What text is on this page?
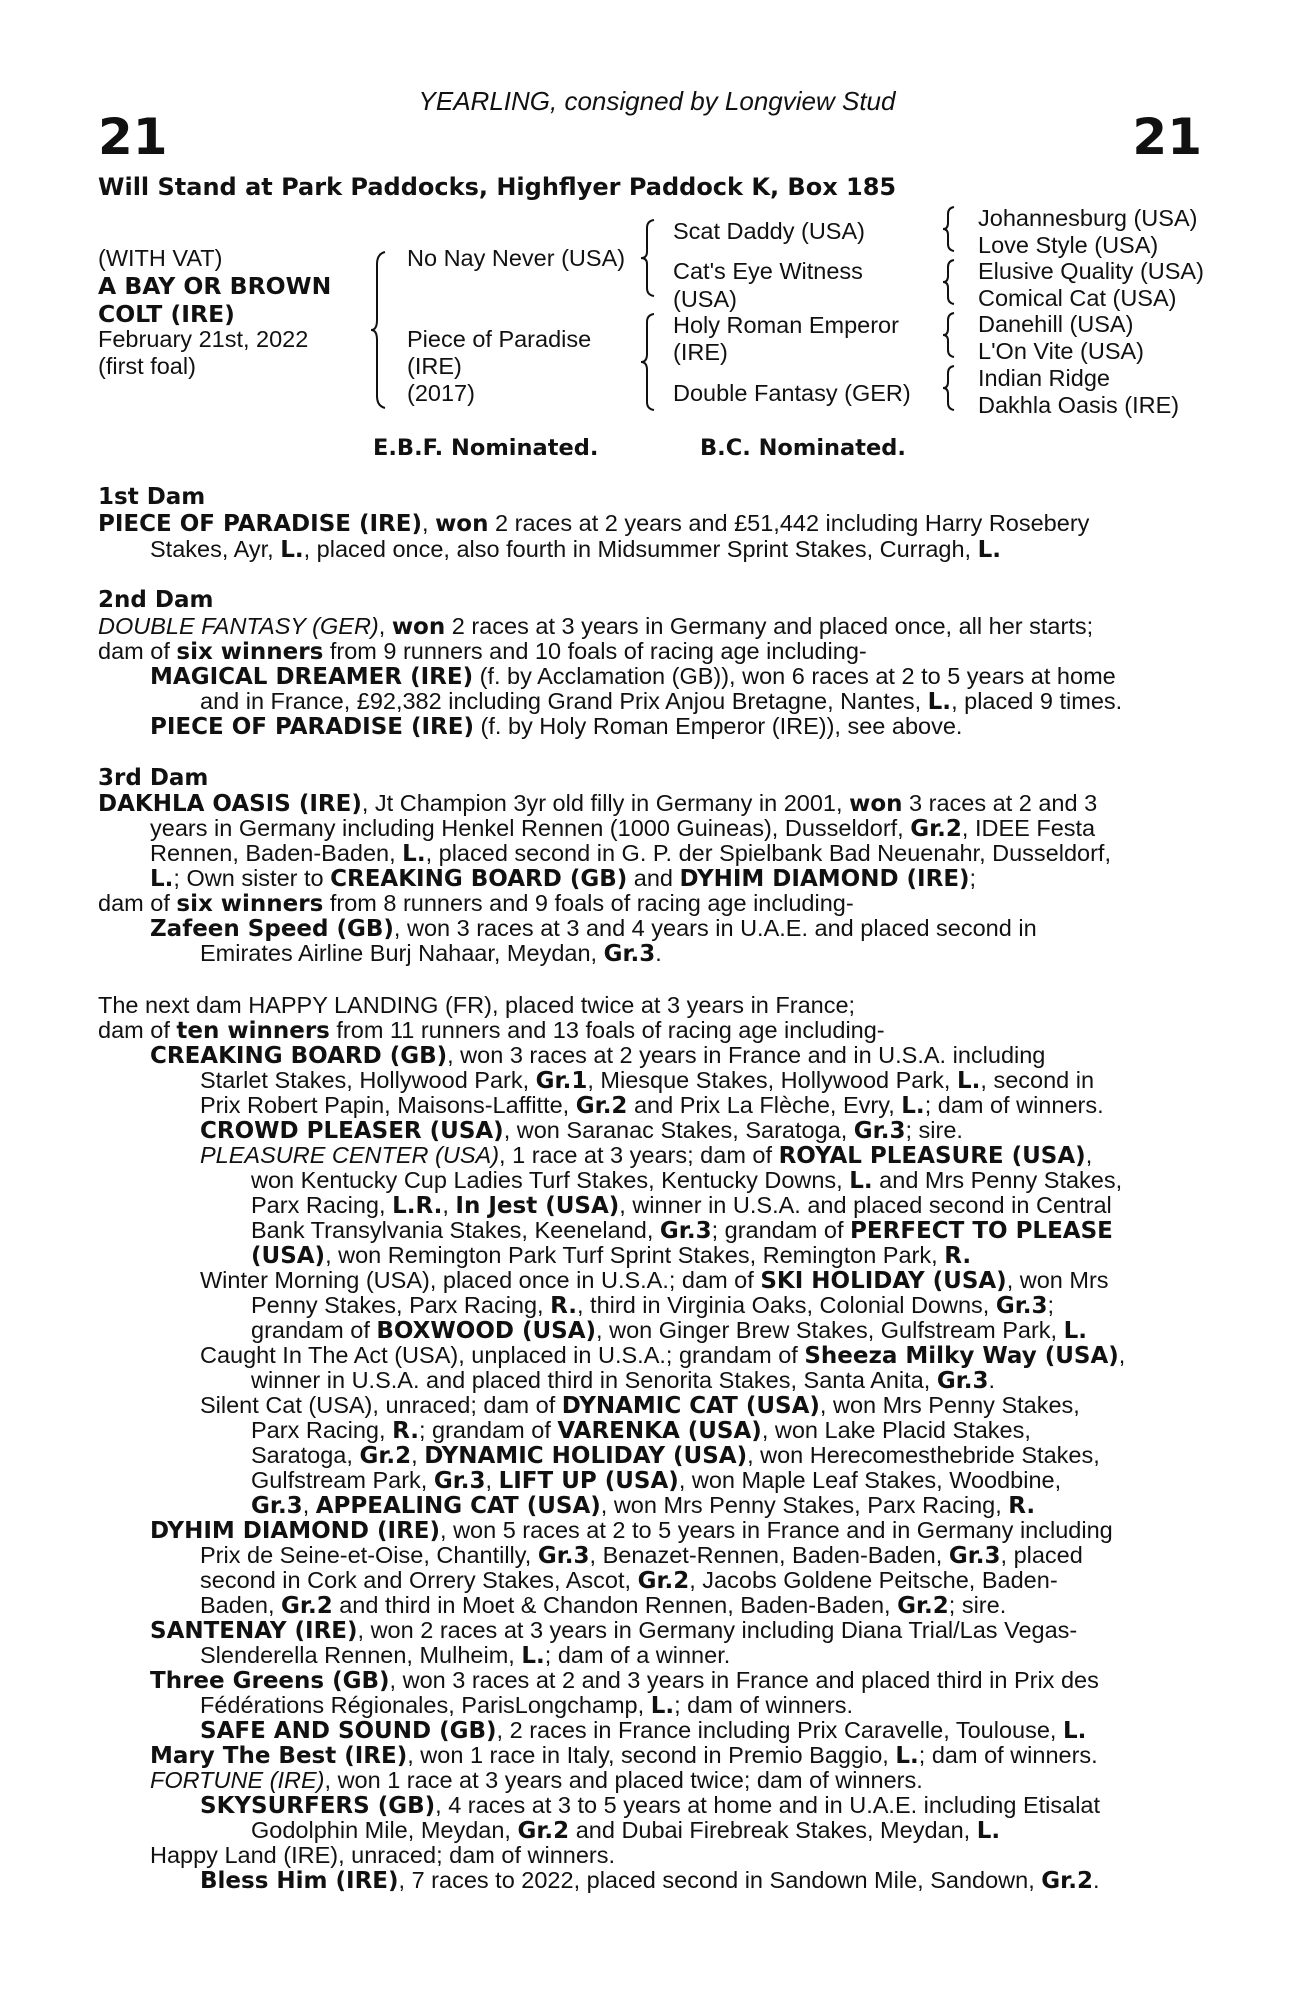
YEARLING, consigned by Longview Stud
21	21
Will Stand at Park Paddocks, Highflyer Paddock K, Box 185
(WITH VAT)
A BAY OR BROWN
COLT (IRE)
February 21st, 2022
(first foal)
No Nay Never (USA)
Piece of Paradise
(IRE)
(2017)
Scat Daddy (USA)
Cat's Eye Witness
(USA)
Holy Roman Emperor
(IRE)
Double Fantasy (GER)
Johannesburg (USA)
Love Style (USA)
Elusive Quality (USA)
Comical Cat (USA)
Danehill (USA)
L'On Vite (USA)
Indian Ridge
Dakhla Oasis (IRE)
E.B.F. Nominated.	B.C. Nominated.
1st Dam
PIECE OF PARADISE (IRE), won 2 races at 2 years and £51,442 including Harry Rosebery
Stakes, Ayr, L., placed once, also fourth in Midsummer Sprint Stakes, Curragh, L.
2nd Dam
DOUBLE FANTASY (GER), won 2 races at 3 years in Germany and placed once, all her starts;
dam of six winners from 9 runners and 10 foals of racing age including-
MAGICAL DREAMER (IRE) (f. by Acclamation (GB)), won 6 races at 2 to 5 years at home
and in France, £92,382 including Grand Prix Anjou Bretagne, Nantes, L., placed 9 times.
PIECE OF PARADISE (IRE) (f. by Holy Roman Emperor (IRE)), see above.
3rd Dam
DAKHLA OASIS (IRE), Jt Champion 3yr old filly in Germany in 2001, won 3 races at 2 and 3
years in Germany including Henkel Rennen (1000 Guineas), Dusseldorf, Gr.2, IDEE Festa
Rennen, Baden-Baden, L., placed second in G. P. der Spielbank Bad Neuenahr, Dusseldorf,
L.; Own sister to CREAKING BOARD (GB) and DYHIM DIAMOND (IRE);
dam of six winners from 8 runners and 9 foals of racing age including-
Zafeen Speed (GB), won 3 races at 3 and 4 years in U.A.E. and placed second in
Emirates Airline Burj Nahaar, Meydan, Gr.3.
The next dam HAPPY LANDING (FR), placed twice at 3 years in France;
dam of ten winners from 11 runners and 13 foals of racing age including-
CREAKING BOARD (GB), won 3 races at 2 years in France and in U.S.A. including
Starlet Stakes, Hollywood Park, Gr.1, Miesque Stakes, Hollywood Park, L., second in
Prix Robert Papin, Maisons-Laffitte, Gr.2 and Prix La Flèche, Evry, L.; dam of winners.
CROWD PLEASER (USA), won Saranac Stakes, Saratoga, Gr.3; sire.
PLEASURE CENTER (USA), 1 race at 3 years; dam of ROYAL PLEASURE (USA),
won Kentucky Cup Ladies Turf Stakes, Kentucky Downs, L. and Mrs Penny Stakes,
Parx Racing, L.R., In Jest (USA), winner in U.S.A. and placed second in Central
Bank Transylvania Stakes, Keeneland, Gr.3; grandam of PERFECT TO PLEASE
(USA), won Remington Park Turf Sprint Stakes, Remington Park, R.
Winter Morning (USA), placed once in U.S.A.; dam of SKI HOLIDAY (USA), won Mrs
Penny Stakes, Parx Racing, R., third in Virginia Oaks, Colonial Downs, Gr.3;
grandam of BOXWOOD (USA), won Ginger Brew Stakes, Gulfstream Park, L.
Caught In The Act (USA), unplaced in U.S.A.; grandam of Sheeza Milky Way (USA),
winner in U.S.A. and placed third in Senorita Stakes, Santa Anita, Gr.3.
Silent Cat (USA), unraced; dam of DYNAMIC CAT (USA), won Mrs Penny Stakes,
Parx Racing, R.; grandam of VARENKA (USA), won Lake Placid Stakes,
Saratoga, Gr.2, DYNAMIC HOLIDAY (USA), won Herecomesthebride Stakes,
Gulfstream Park, Gr.3, LIFT UP (USA), won Maple Leaf Stakes, Woodbine,
Gr.3, APPEALING CAT (USA), won Mrs Penny Stakes, Parx Racing, R.
DYHIM DIAMOND (IRE), won 5 races at 2 to 5 years in France and in Germany including
Prix de Seine-et-Oise, Chantilly, Gr.3, Benazet-Rennen, Baden-Baden, Gr.3, placed
second in Cork and Orrery Stakes, Ascot, Gr.2, Jacobs Goldene Peitsche, Baden-
Baden, Gr.2 and third in Moet & Chandon Rennen, Baden-Baden, Gr.2; sire.
SANTENAY (IRE), won 2 races at 3 years in Germany including Diana Trial/Las Vegas-
Slenderella Rennen, Mulheim, L.; dam of a winner.
Three Greens (GB), won 3 races at 2 and 3 years in France and placed third in Prix des
Fédérations Régionales, ParisLongchamp, L.; dam of winners.
SAFE AND SOUND (GB), 2 races in France including Prix Caravelle, Toulouse, L.
Mary The Best (IRE), won 1 race in Italy, second in Premio Baggio, L.; dam of winners.
FORTUNE (IRE), won 1 race at 3 years and placed twice; dam of winners.
SKYSURFERS (GB), 4 races at 3 to 5 years at home and in U.A.E. including Etisalat
Godolphin Mile, Meydan, Gr.2 and Dubai Firebreak Stakes, Meydan, L.
Happy Land (IRE), unraced; dam of winners.
Bless Him (IRE), 7 races to 2022, placed second in Sandown Mile, Sandown, Gr.2.
